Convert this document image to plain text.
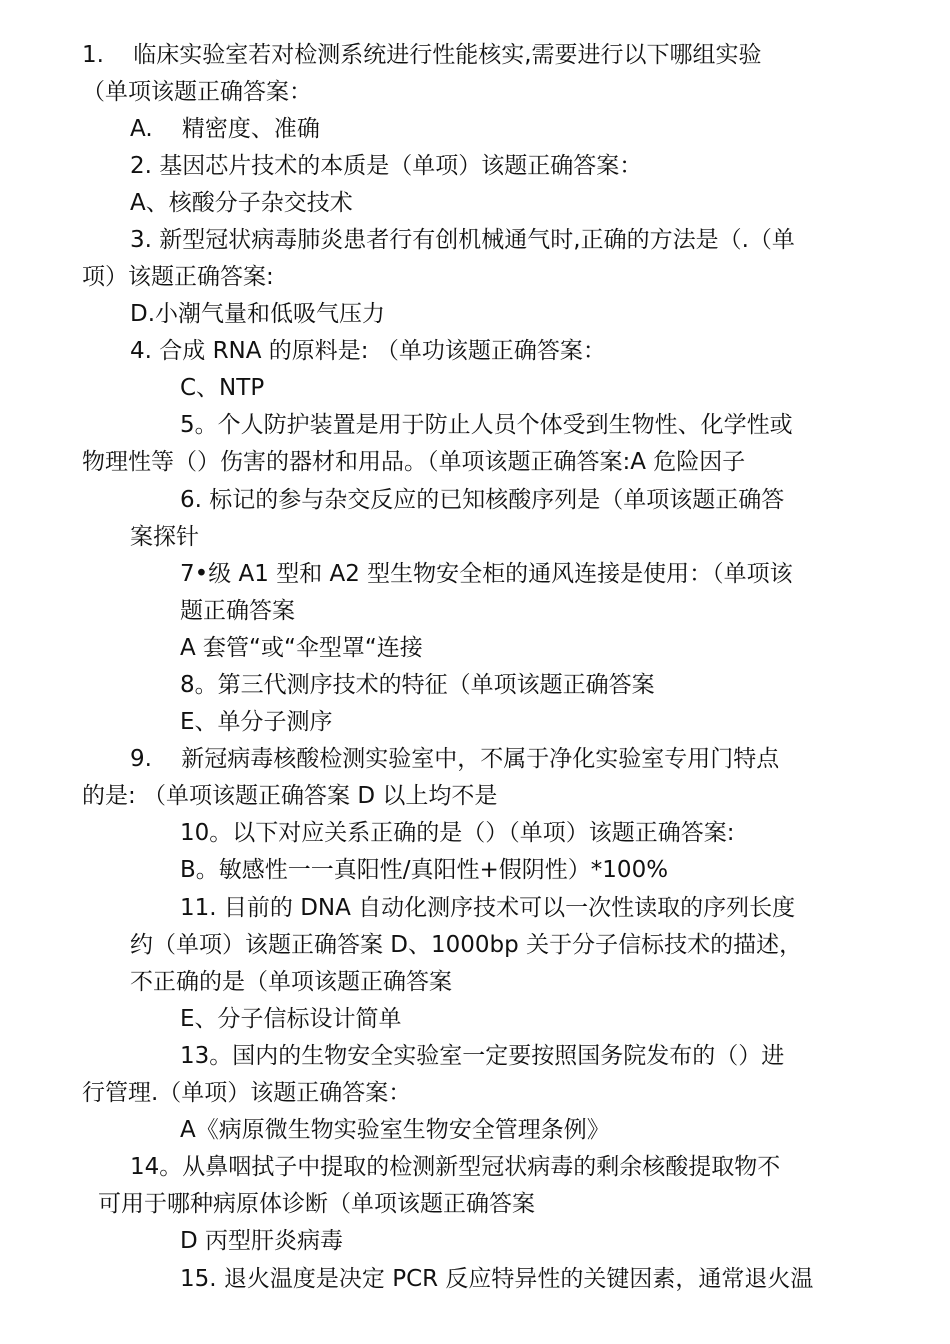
1.    临床实验室若对检测系统进行性能核实,需要进行以下哪组实验

（单项该题正确答案：

A.    精密度、准确

2. 基因芯片技术的本质是（单项）该题正确答案：

A、核酸分子杂交技术

3. 新型冠状病毒肺炎患者行有创机械通气时,正确的方法是（.（单

项）该题正确答案:

D.小潮气量和低吸气压力

4. 合成 RNA 的原料是: （单功该题正确答案：

C、NTP

5。个人防护装置是用于防止人员个体受到生物性、化学性或

物理性等（）伤害的器材和用品。（单项该题正确答案:A 危险因子

6. 标记的参与杂交反应的已知核酸序列是（单项该题正确答

案探针

7•级 A1 型和 A2 型生物安全柜的通风连接是使用：（单项该

题正确答案

A 套管“或“伞型罩“连接

8。第三代测序技术的特征（单项该题正确答案

E、单分子测序

9.    新冠病毒核酸检测实验室中，不属于净化实验室专用门特点

的是: （单项该题正确答案 D 以上均不是

10。以下对应关系正确的是（）（单项）该题正确答案:

B。敏感性一一真阳性/真阳性+假阴性）*100%

11. 目前的 DNA 自动化测序技术可以一次性读取的序列长度

约（单项）该题正确答案 D、1000bp 关于分子信标技术的描述，

不正确的是（单项该题正确答案

E、分子信标设计简单

13。国内的生物安全实验室一定要按照国务院发布的（）进

行管理.（单项）该题正确答案：

A《病原微生物实验室生物安全管理条例》

14。从鼻咽拭子中提取的检测新型冠状病毒的剩余核酸提取物不

可用于哪种病原体诊断（单项该题正确答案

D 丙型肝炎病毒

15. 退火温度是决定 PCR 反应特异性的关键因素，通常退火温
